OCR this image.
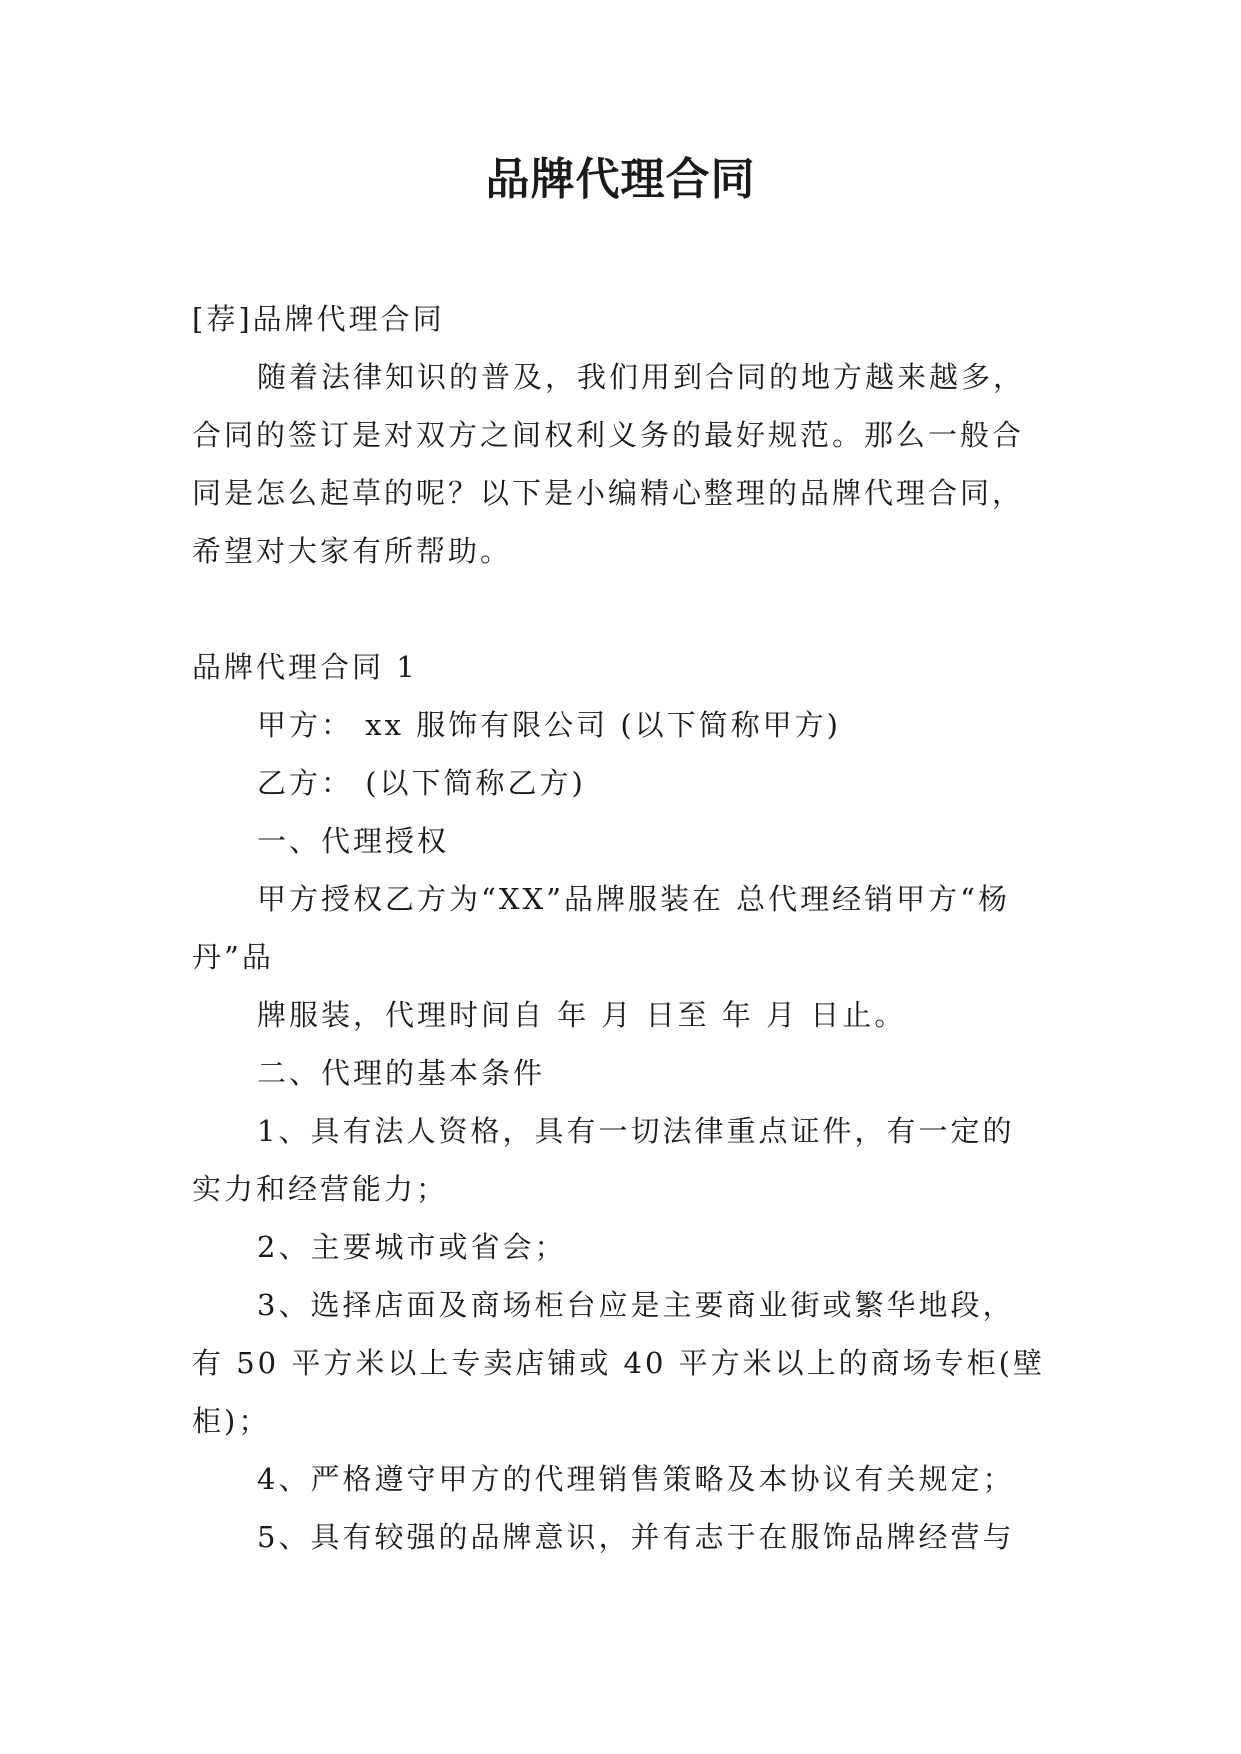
品牌代理合同
[荐]品牌代理合同
随着法律知识的普及，我们用到合同的地方越来越多，
合同的签订是对双方之间权利义务的最好规范。那么一般合
同是怎么起草的呢？以下是小编精心整理的品牌代理合同，
希望对大家有所帮助。
品牌代理合同 1
甲方： xx 服饰有限公司 (以下简称甲方)
乙方： (以下简称乙方)
一、代理授权
甲方授权乙方为“XX”品牌服装在 总代理经销甲方“杨
丹”品
牌服装，代理时间自 年 月 日至 年 月 日止。
二、代理的基本条件
1、具有法人资格，具有一切法律重点证件，有一定的
实力和经营能力；
2、主要城市或省会；
3、选择店面及商场柜台应是主要商业街或繁华地段，
有 50 平方米以上专卖店铺或 40 平方米以上的商场专柜(壁
柜)；
4、严格遵守甲方的代理销售策略及本协议有关规定；
5、具有较强的品牌意识，并有志于在服饰品牌经营与
